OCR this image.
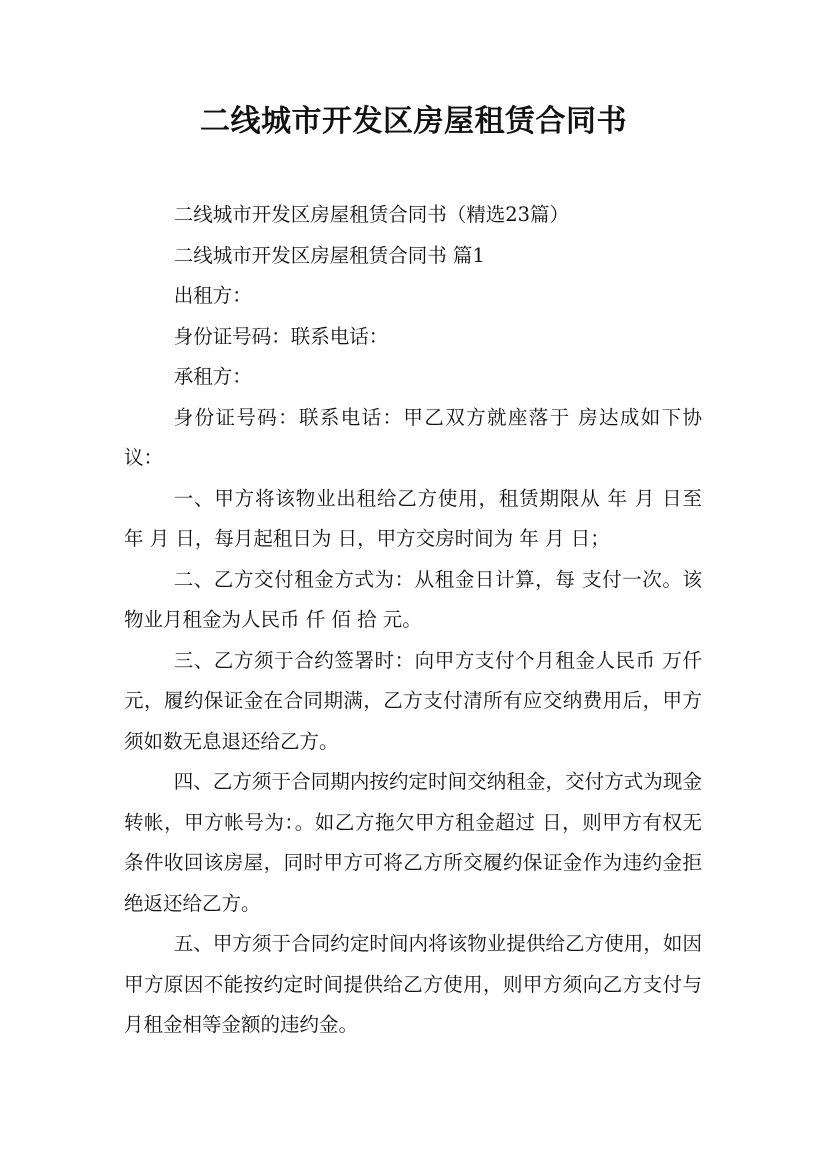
二线城市开发区房屋租赁合同书

二线城市开发区房屋租赁合同书（精选23篇）

二线城市开发区房屋租赁合同书 篇1

出租方：

身份证号码：联系电话：

承租方：

身份证号码：联系电话：甲乙双方就座落于 房达成如下协议：

一、甲方将该物业出租给乙方使用，租赁期限从 年 月 日至 年 月 日，每月起租日为 日，甲方交房时间为 年 月 日；

二、乙方交付租金方式为：从租金日计算，每 支付一次。该物业月租金为人民币 仟 佰 拾 元。

三、乙方须于合约签署时：向甲方支付个月租金人民币 万仟元，履约保证金在合同期满，乙方支付清所有应交纳费用后，甲方须如数无息退还给乙方。

四、乙方须于合同期内按约定时间交纳租金，交付方式为现金 转帐，甲方帐号为：。如乙方拖欠甲方租金超过 日，则甲方有权无条件收回该房屋，同时甲方可将乙方所交履约保证金作为违约金拒绝返还给乙方。

五、甲方须于合同约定时间内将该物业提供给乙方使用，如因甲方原因不能按约定时间提供给乙方使用，则甲方须向乙方支付与月租金相等金额的违约金。
